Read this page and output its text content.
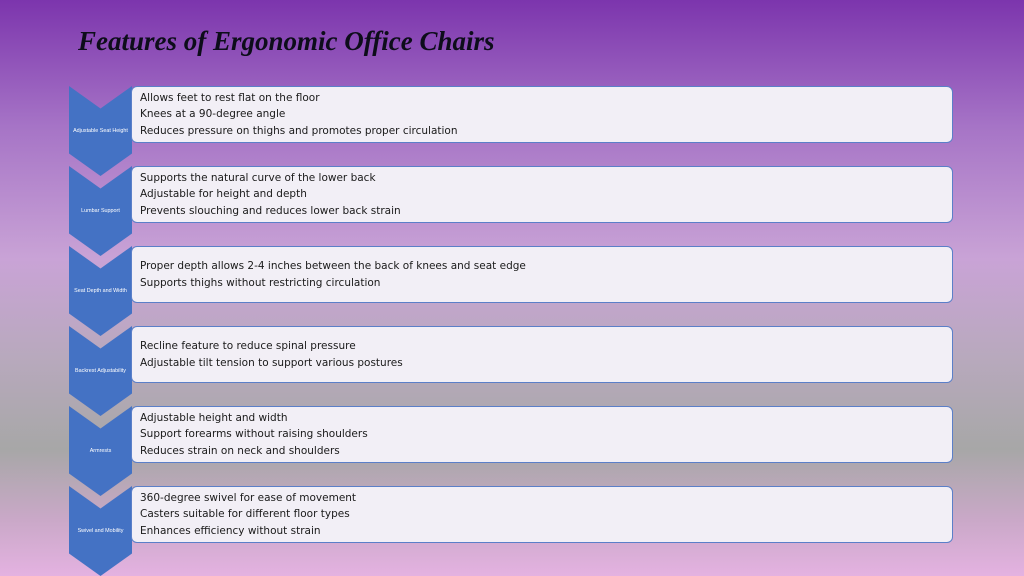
Features of Ergonomic Office Chairs
Adjustable Seat Height
Allows feet to rest flat on the floor
Knees at a 90-degree angle
Reduces pressure on thighs and promotes proper circulation
Lumbar Support
Supports the natural curve of the lower back
Adjustable for height and depth
Prevents slouching and reduces lower back strain
Seat Depth and Width
Proper depth allows 2-4 inches between the back of knees and seat edge
Supports thighs without restricting circulation
Backrest Adjustability
Recline feature to reduce spinal pressure
Adjustable tilt tension to support various postures
Armrests
Adjustable height and width
Support forearms without raising shoulders
Reduces strain on neck and shoulders
Swivel and Mobility
360-degree swivel for ease of movement
Casters suitable for different floor types
Enhances efficiency without strain
